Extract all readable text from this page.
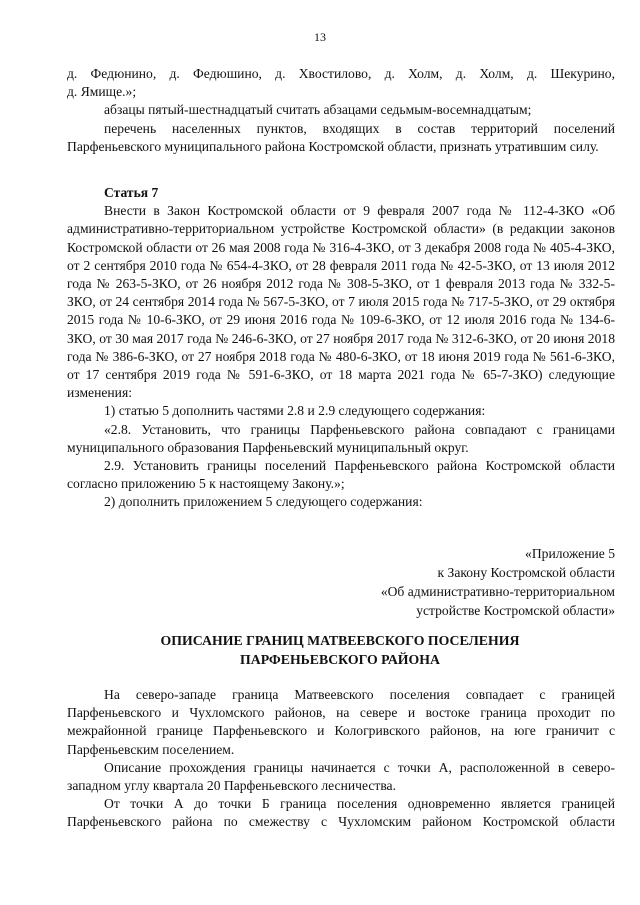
13

д. Федюнино, д. Федюшино, д. Хвостилово, д. Холм, д. Холм, д. Шекурино,

д. Ямище.»;

абзацы пятый-шестнадцатый считать абзацами седьмым-восемнадцатым;

перечень населенных пунктов, входящих в состав территорий поселений Парфеньевского муниципального района Костромской области, признать утратившим силу.

Статья 7

Внести в Закон Костромской области от 9 февраля 2007 года № 112-4-ЗКО «Об административно-территориальном устройстве Костромской области» (в редакции законов Костромской области от 26 мая 2008 года № 316-4-ЗКО, от 3 декабря 2008 года № 405-4-ЗКО, от 2 сентября 2010 года № 654-4-ЗКО, от 28 февраля 2011 года № 42-5-ЗКО, от 13 июля 2012 года № 263-5-ЗКО, от 26 ноября 2012 года № 308-5-ЗКО, от 1 февраля 2013 года № 332-5-ЗКО, от 24 сентября 2014 года № 567-5-ЗКО, от 7 июля 2015 года № 717-5-ЗКО, от 29 октября 2015 года № 10-6-ЗКО, от 29 июня 2016 года № 109-6-ЗКО, от 12 июля 2016 года № 134-6-ЗКО, от 30 мая 2017 года № 246-6-ЗКО, от 27 ноября 2017 года № 312-6-ЗКО, от 20 июня 2018 года № 386-6-ЗКО, от 27 ноября 2018 года № 480-6-ЗКО, от 18 июня 2019 года № 561-6-ЗКО, от 17 сентября 2019 года № 591-6-ЗКО, от 18 марта 2021 года № 65-7-ЗКО) следующие изменения:

1) статью 5 дополнить частями 2.8 и 2.9 следующего содержания:

«2.8. Установить, что границы Парфеньевского района совпадают с границами муниципального образования Парфеньевский муниципальный округ.

2.9. Установить границы поселений Парфеньевского района Костромской области согласно приложению 5 к настоящему Закону.»;

2) дополнить приложением 5 следующего содержания:

«Приложение 5
к Закону Костромской области
«Об административно-территориальном
устройстве Костромской области»
ОПИСАНИЕ ГРАНИЦ МАТВЕЕВСКОГО ПОСЕЛЕНИЯ
ПАРФЕНЬЕВСКОГО РАЙОНА

На северо-западе граница Матвеевского поселения совпадает с границей Парфеньевского и Чухломского районов, на севере и востоке граница проходит по межрайонной границе Парфеньевского и Кологривского районов, на юге граничит с Парфеньевским поселением.

Описание прохождения границы начинается с точки А, расположенной в северо-западном углу квартала 20 Парфеньевского лесничества.

От точки А до точки Б граница поселения одновременно является границей Парфеньевского района по смежеству с Чухломским районом Костромской области
